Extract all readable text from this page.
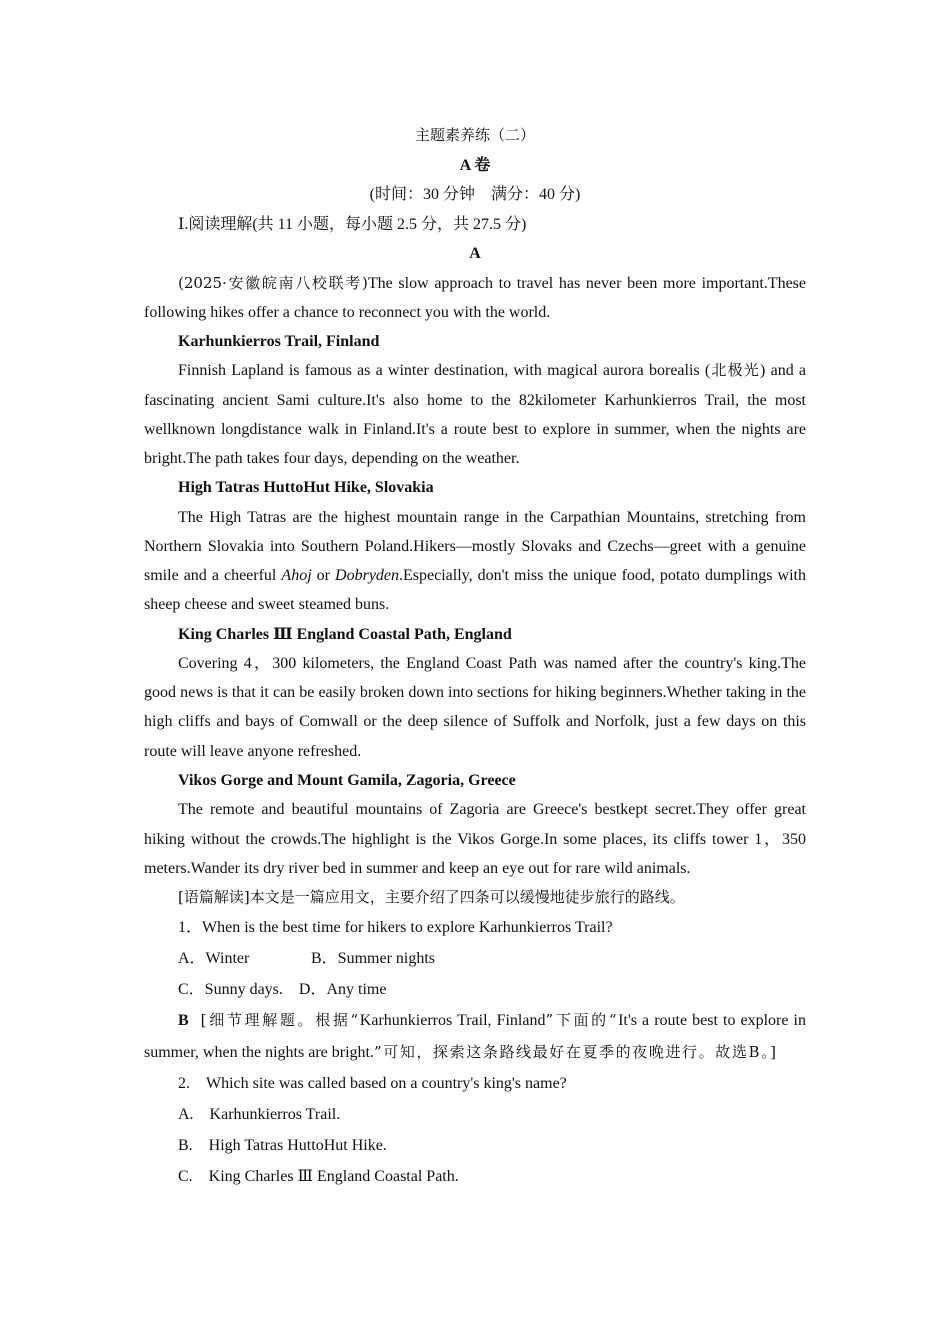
主题素养练（二）
A 卷
(时间：30 分钟　满分：40 分)
Ⅰ.阅读理解(共 11 小题，每小题 2.5 分，共 27.5 分)
A

(2025·安徽皖南八校联考)The slow approach to travel has never been more important.These following hikes offer a chance to reconnect you with the world.

Karhunkierros Trail, Finland

Finnish Lapland is famous as a winter destination, with magical aurora borealis (北极光) and a fascinating ancient Sami culture.It's also home to the 82kilometer Karhunkierros Trail, the most wellknown longdistance walk in Finland.It's a route best to explore in summer, when the nights are bright.The path takes four days, depending on the weather.

High Tatras HuttoHut Hike, Slovakia

The High Tatras are the highest mountain range in the Carpathian Mountains, stretching from Northern Slovakia into Southern Poland.Hikers—mostly Slovaks and Czechs—greet with a genuine smile and a cheerful Ahoj or Dobryden.Especially, don't miss the unique food, potato dumplings with sheep cheese and sweet steamed buns.

King Charles Ⅲ England Coastal Path, England

Covering 4，300 kilometers, the England Coast Path was named after the country's king.The good news is that it can be easily broken down into sections for hiking beginners.Whether taking in the high cliffs and bays of Comwall or the deep silence of Suffolk and Norfolk, just a few days on this route will leave anyone refreshed.

Vikos Gorge and Mount Gamila, Zagoria, Greece

The remote and beautiful mountains of Zagoria are Greece's bestkept secret.They offer great hiking without the crowds.The highlight is the Vikos Gorge.In some places, its cliffs tower 1，350 meters.Wander its dry river bed in summer and keep an eye out for rare wild animals.

[语篇解读]本文是一篇应用文，主要介绍了四条可以缓慢地徒步旅行的路线。
1．When is the best time for hikers to explore Karhunkierros Trail?
A．Winter	B．Summer nights
C．Sunny days. D．Any time

B [细节理解题。根据“Karhunkierros Trail, Finland”下面的“It's a route best to explore in summer, when the nights are bright.”可知，探索这条路线最好在夏季的夜晚进行。故选B。]

2.　Which site was called based on a country's king's name?
A.　Karhunkierros Trail.
B.　High Tatras HuttoHut Hike.
C.　King Charles Ⅲ England Coastal Path.
